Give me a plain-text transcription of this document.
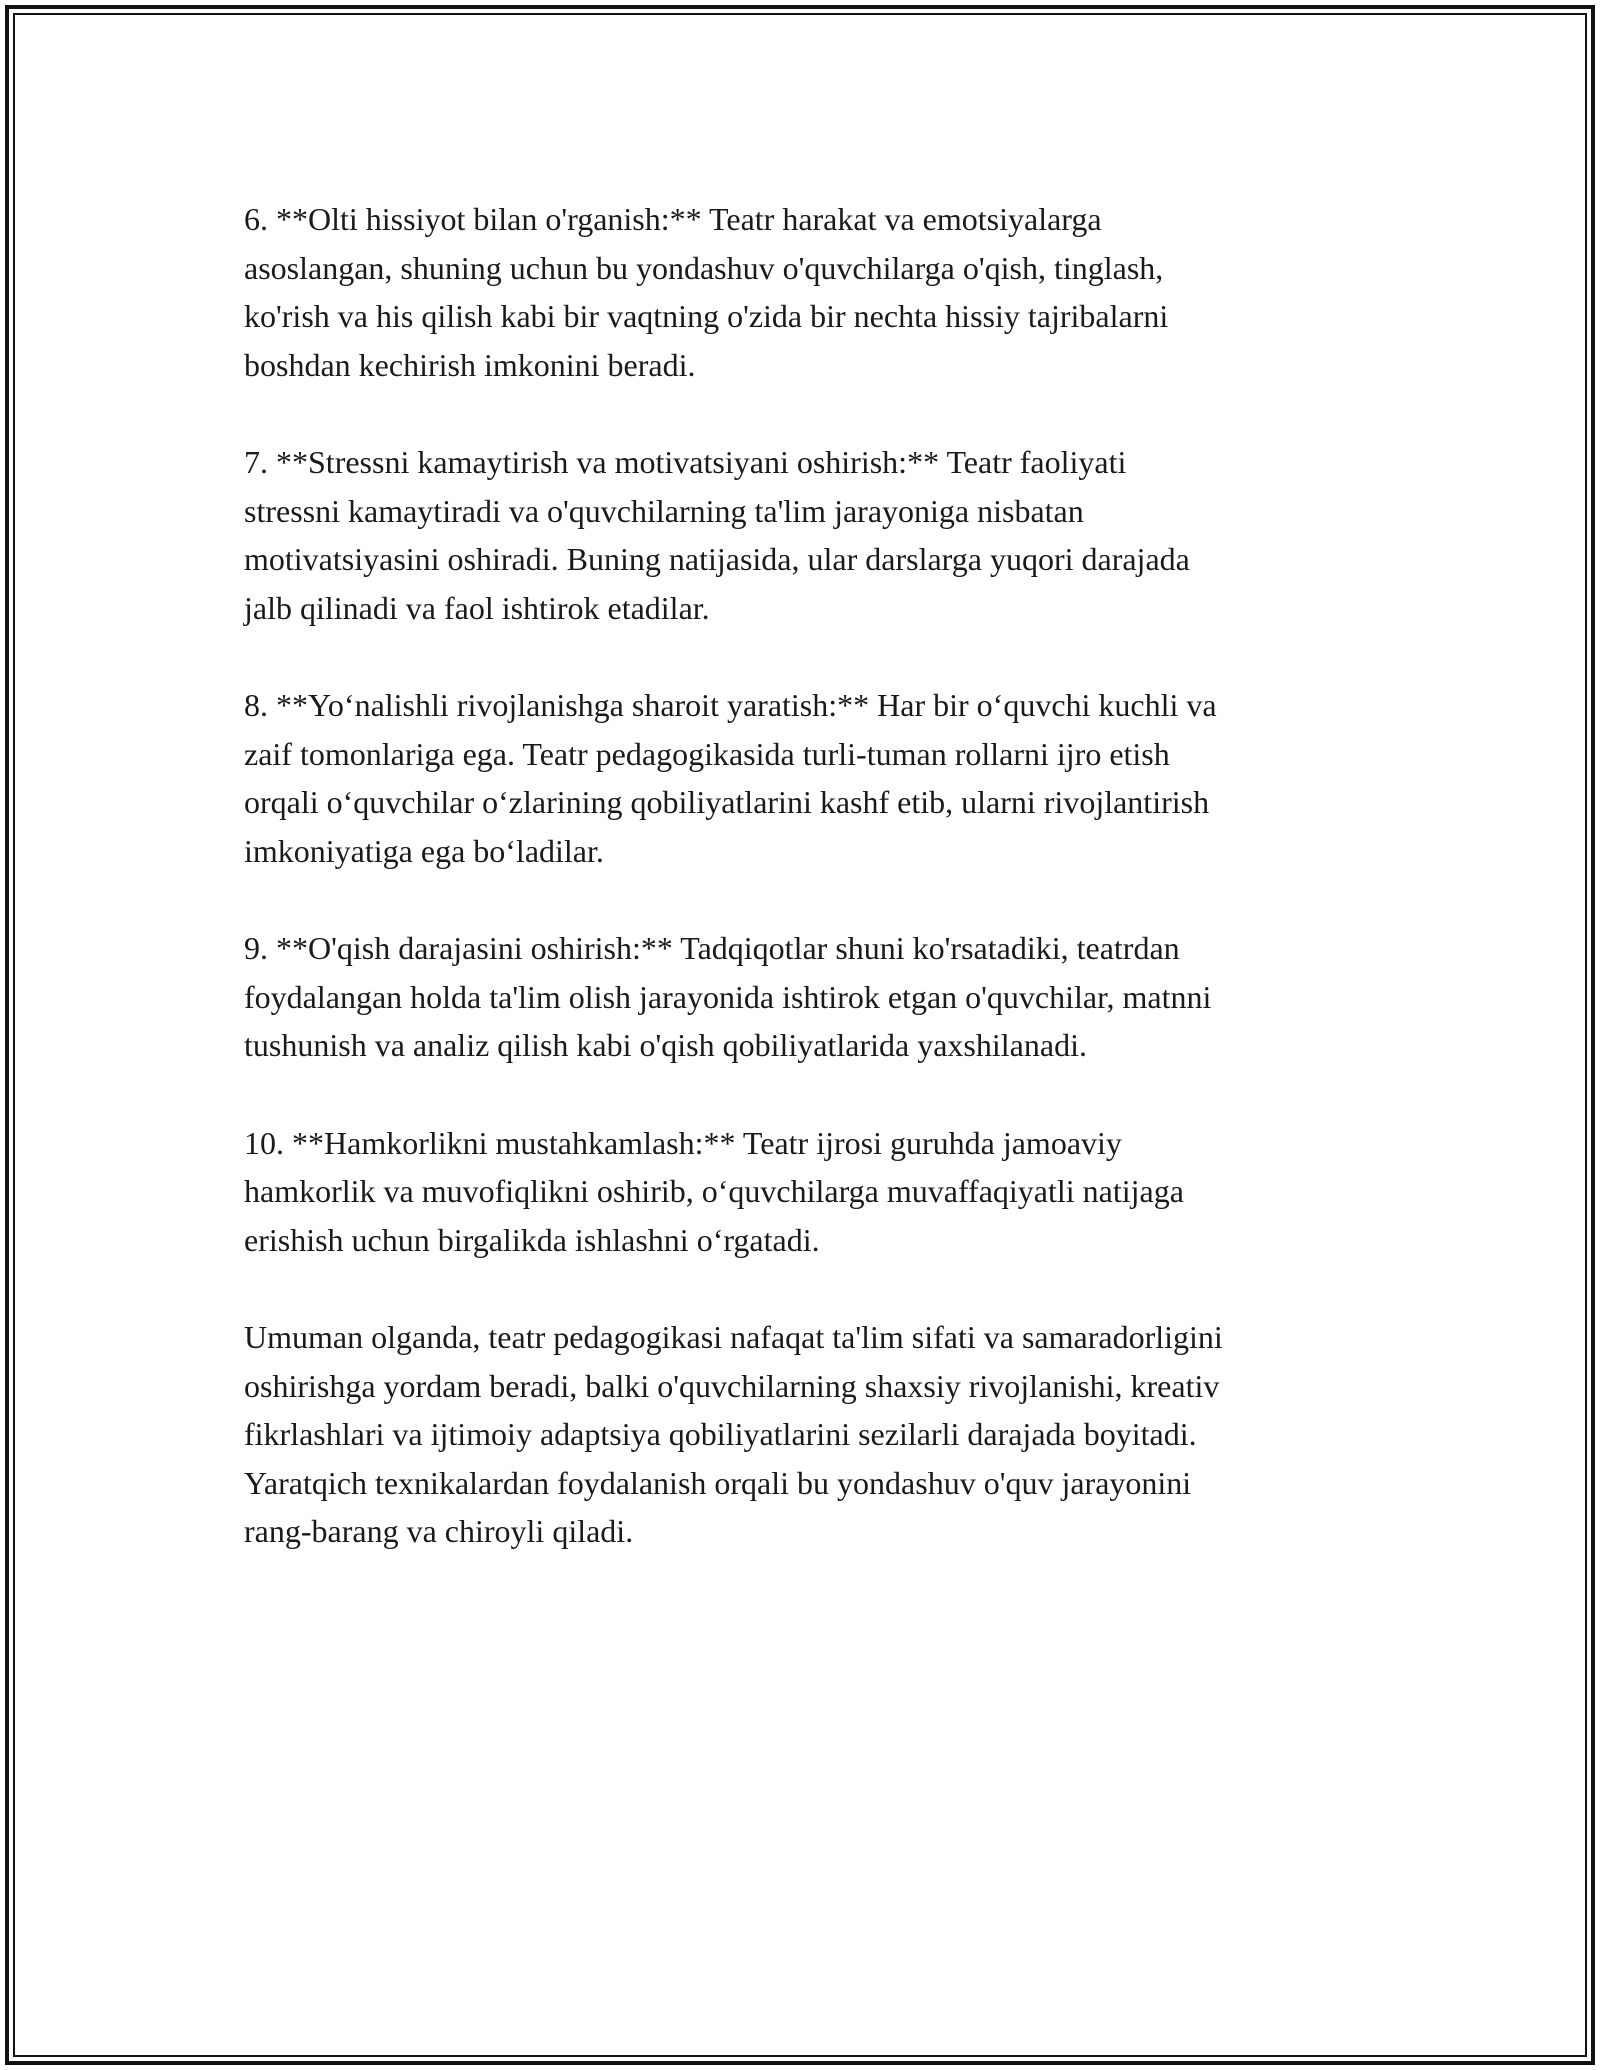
6. **Olti hissiyot bilan o'rganish:** Teatr harakat va emotsiyalarga
asoslangan, shuning uchun bu yondashuv o'quvchilarga o'qish, tinglash,
ko'rish va his qilish kabi bir vaqtning o'zida bir nechta hissiy tajribalarni
boshdan kechirish imkonini beradi.

7. **Stressni kamaytirish va motivatsiyani oshirish:** Teatr faoliyati
stressni kamaytiradi va o'quvchilarning ta'lim jarayoniga nisbatan
motivatsiyasini oshiradi. Buning natijasida, ular darslarga yuqori darajada
jalb qilinadi va faol ishtirok etadilar.

8. **Yoʻnalishli rivojlanishga sharoit yaratish:** Har bir oʻquvchi kuchli va
zaif tomonlariga ega. Teatr pedagogikasida turli-tuman rollarni ijro etish
orqali oʻquvchilar oʻzlarining qobiliyatlarini kashf etib, ularni rivojlantirish
imkoniyatiga ega boʻladilar.

9. **O'qish darajasini oshirish:** Tadqiqotlar shuni ko'rsatadiki, teatrdan
foydalangan holda ta'lim olish jarayonida ishtirok etgan o'quvchilar, matnni
tushunish va analiz qilish kabi o'qish qobiliyatlarida yaxshilanadi.

10. **Hamkorlikni mustahkamlash:** Teatr ijrosi guruhda jamoaviy
hamkorlik va muvofiqlikni oshirib, oʻquvchilarga muvaffaqiyatli natijaga
erishish uchun birgalikda ishlashni oʻrgatadi.

Umuman olganda, teatr pedagogikasi nafaqat ta'lim sifati va samaradorligini
oshirishga yordam beradi, balki o'quvchilarning shaxsiy rivojlanishi, kreativ
fikrlashlari va ijtimoiy adaptsiya qobiliyatlarini sezilarli darajada boyitadi.
Yaratqich texnikalardan foydalanish orqali bu yondashuv o'quv jarayonini
rang-barang va chiroyli qiladi.
